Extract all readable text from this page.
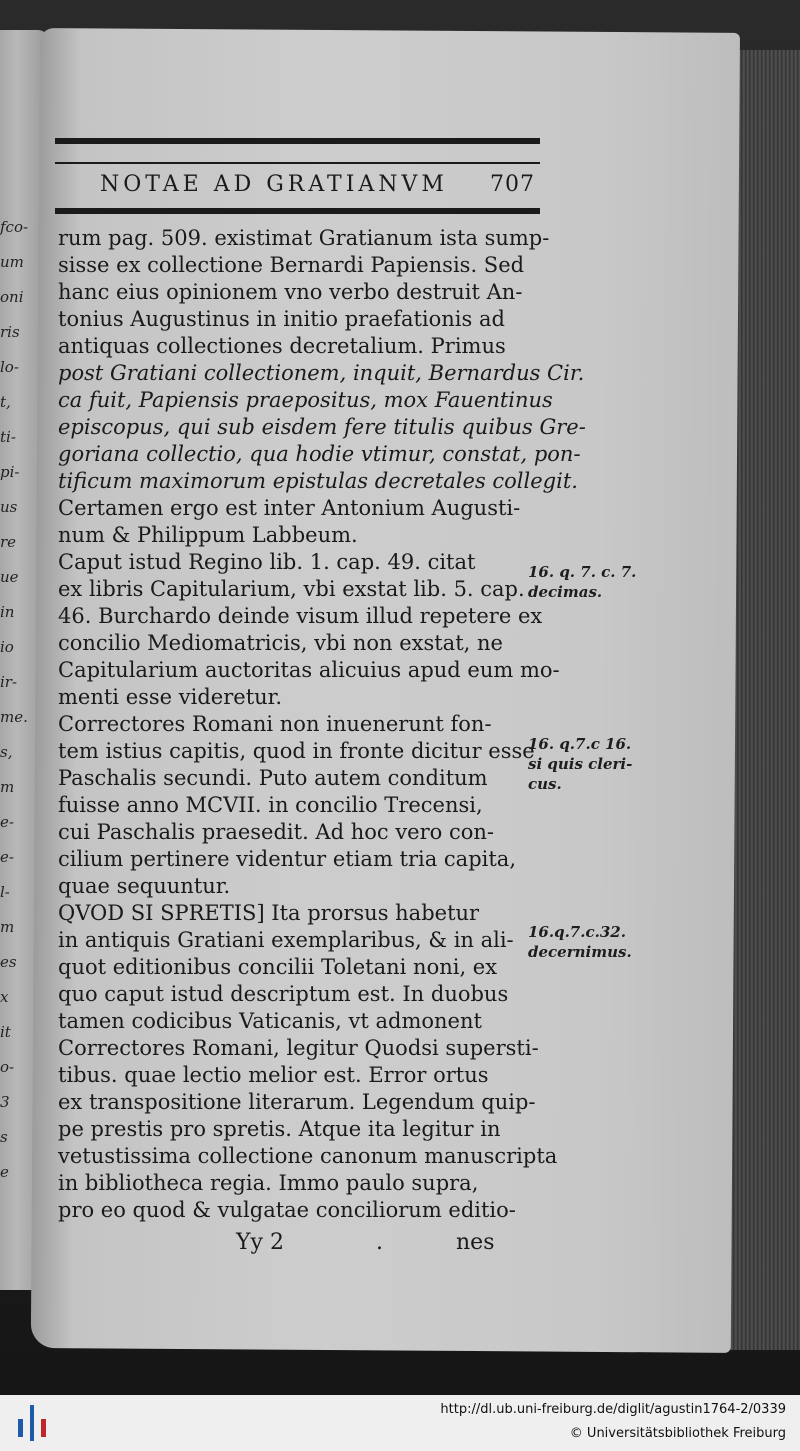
fco-
um
oni
ris
lo-
t,
ti-
pi-
us
re
ue
in
io
ir-
me.
s,
m
e-
e-
l-
m
es
x
it
o-
3
s
e
NOTAE AD GRATIANVM 707
rum pag. 509. existimat Gratianum ista sump-
sisse ex collectione Bernardi Papiensis. Sed
hanc eius opinionem vno verbo destruit An-
tonius Augustinus in initio praefationis ad
antiquas collectiones decretalium. Primus
post Gratiani collectionem, inquit, Bernardus Cir.
ca fuit, Papiensis praepositus, mox Fauentinus
episcopus, qui sub eisdem fere titulis quibus Gre-
goriana collectio, qua hodie vtimur, constat, pon-
tificum maximorum epistulas decretales collegit.
Certamen ergo est inter Antonium Augusti-
num & Philippum Labbeum.
Caput istud Regino lib. 1. cap. 49. citat
ex libris Capitularium, vbi exstat lib. 5. cap.
46. Burchardo deinde visum illud repetere ex
concilio Mediomatricis, vbi non exstat, ne
Capitularium auctoritas alicuius apud eum mo-
menti esse videretur.
Correctores Romani non inuenerunt fon-
tem istius capitis, quod in fronte dicitur esse
Paschalis secundi. Puto autem conditum
fuisse anno MCVII. in concilio Trecensi,
cui Paschalis praesedit. Ad hoc vero con-
cilium pertinere videntur etiam tria capita,
quae sequuntur.
QVOD SI SPRETIS] Ita prorsus habetur
in antiquis Gratiani exemplaribus, & in ali-
quot editionibus concilii Toletani noni, ex
quo caput istud descriptum est. In duobus
tamen codicibus Vaticanis, vt admonent
Correctores Romani, legitur Quodsi supersti-
tibus. quae lectio melior est. Error ortus
ex transpositione literarum. Legendum quip-
pe prestis pro spretis. Atque ita legitur in
vetustissima collectione canonum manuscripta
in bibliotheca regia. Immo paulo supra,
pro eo quod & vulgatae conciliorum editio-
16. q. 7. c. 7.
decimas.
16. q.7.c 16.
si quis cleri-
cus.
16.q.7.c.32.
decernimus.
Yy 2	.	nes
http://dl.ub.uni-freiburg.de/diglit/agustin1764-2/0339
© Universitätsbibliothek Freiburg
